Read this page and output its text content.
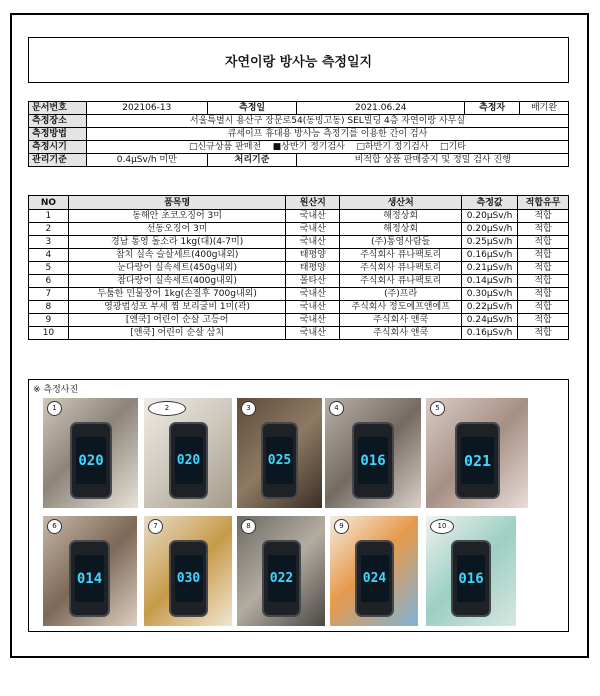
자연이랑 방사능 측정일지
문서번호	202106-13	측정일	2021.06.24	측정자	배기완
측정장소	서울특별시 용산구 장문로54(동빙고동) SEL빌딩 4층 자연이랑 사무실				
측정방법	큐세이프 휴대용 방사능 측정기를 이용한 간이 검사				
측정시기	□신규상품 판매전 ■상반기 정기검사 □하반기 정기검사 □기타				
관리기준	0.4μSv/h 미만	처리기준	비적합 상품 판매중지 및 정밀 검사 진행		
NO	품목명	원산지	생산처	측정값	적합유무
1	동해안 초코오징어 3미	국내산	해정상회	0.20μSv/h	적합
2	선동오징어 3미	국내산	해정상회	0.20μSv/h	적합
3	경남 통영 돌소라 1kg(대)(4-7미)	국내산	(주)통영사람들	0.25μSv/h	적합
4	참치 실속 슬살세트(400g내외)	태평양	주식회사 퓨나팩토리	0.16μSv/h	적합
5	눈다랑어 실속세트(450g내외)	태평양	주식회사 퓨나팩토리	0.21μSv/h	적합
6	참다랑어 실속세트(400g내외)	몰타산	주식회사 퓨나팩토리	0.14μSv/h	적합
7	두툼한 민물장어 1kg(손질후 700g내외)	국내산	(주)프라	0.30μSv/h	적합
8	영광법성포 부세 찜 보리굴비 1미(곽)	국내산	주식회사 정도에프앤에프	0.22μSv/h	적합
9	[앤쿡] 어린이 순살 고등어	국내산	주식회사 앤쿡	0.24μSv/h	적합
10	[앤쿡] 어린이 순살 삼치	국내산	주식회사 앤쿡	0.16μSv/h	적합
※ 측정사진
020
1
020
2
025
3
016
4
021
5
014
6
030
7
022
8
024
9
016
10
